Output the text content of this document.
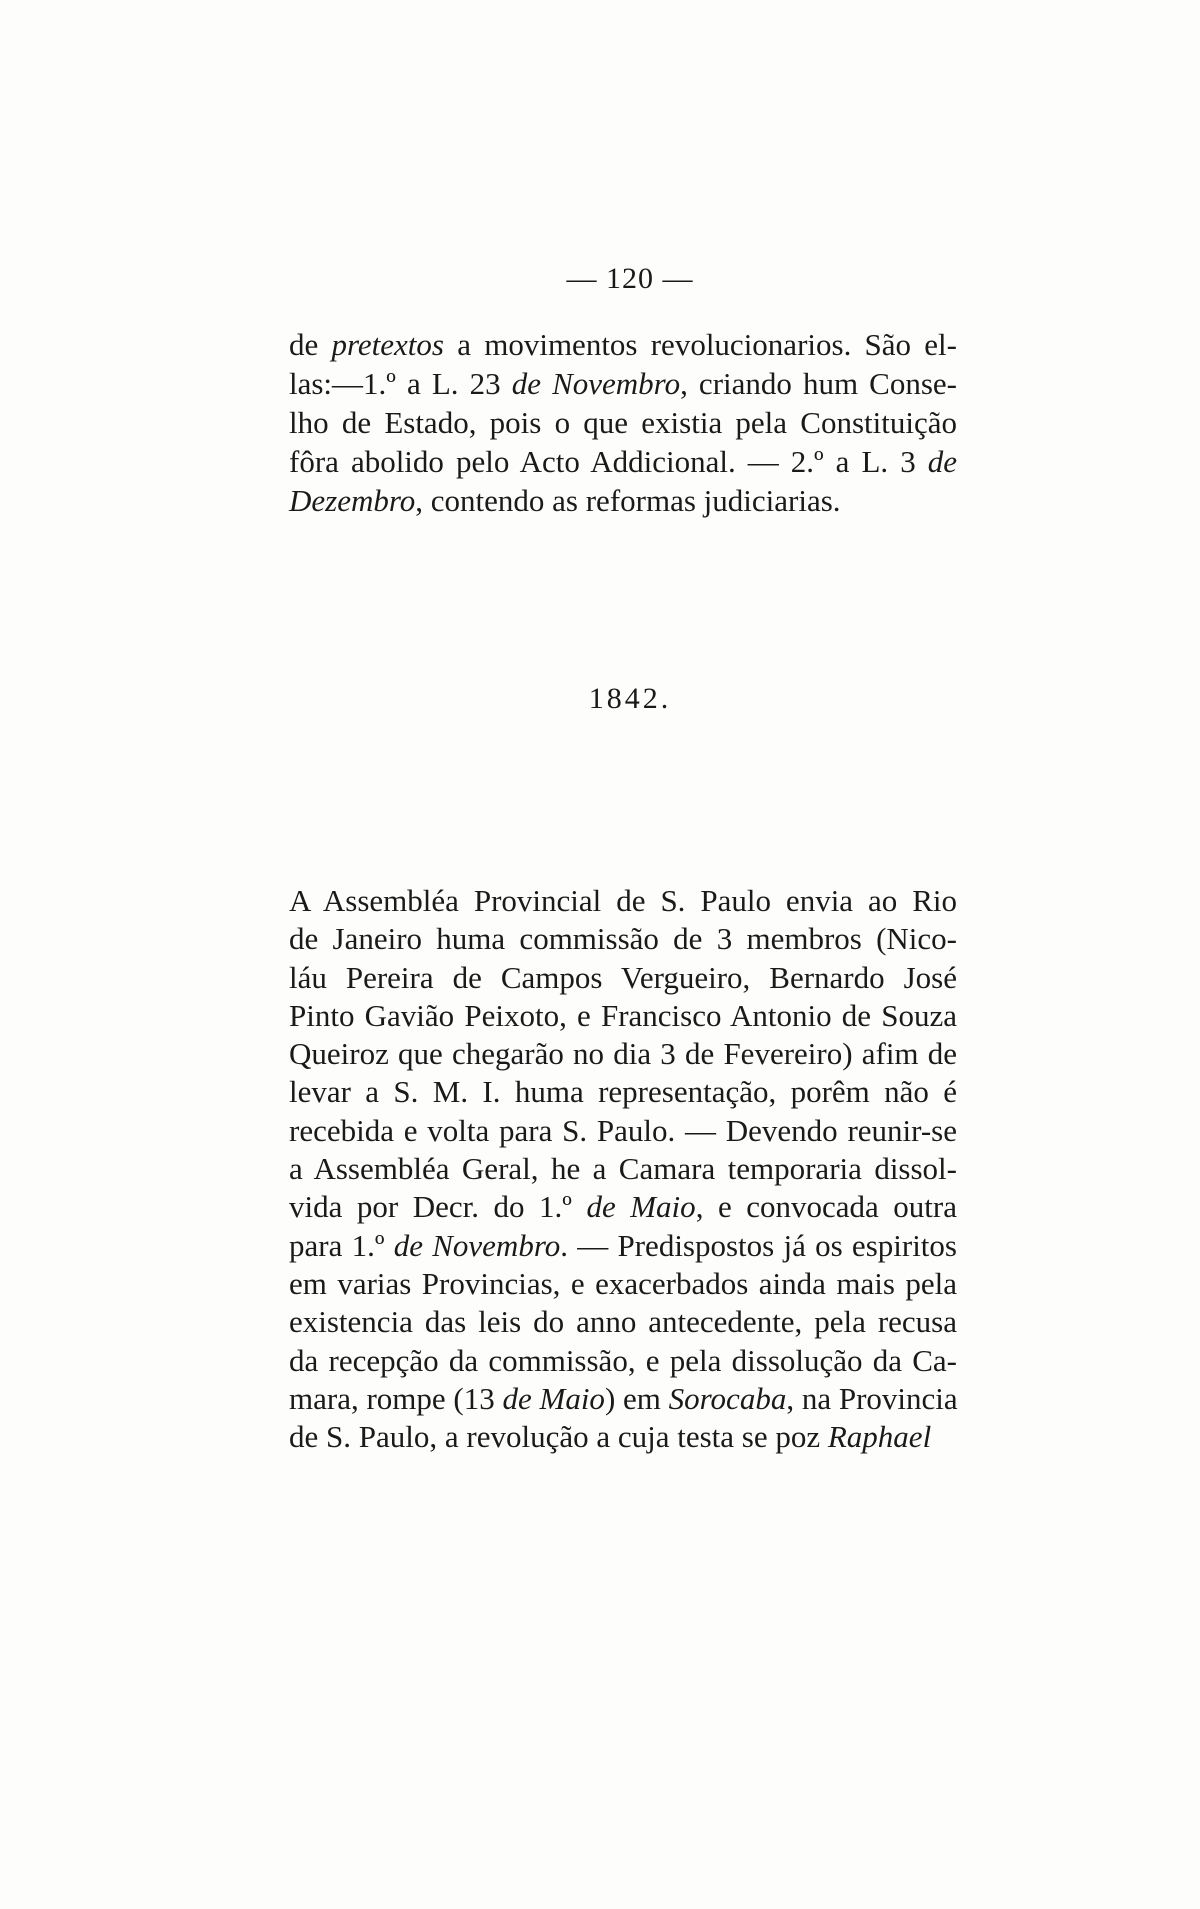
— 120 —

de pretextos a movimentos revolucionarios. São el-
las:—1.º a L. 23 de Novembro, criando hum Conse-
lho de Estado, pois o que existia pela Constituição
fôra abolido pelo Acto Addicional. — 2.º a L. 3 de
Dezembro, contendo as reformas judiciarias.

1842.

A Assembléa Provincial de S. Paulo envia ao Rio
de Janeiro huma commissão de 3 membros (Nico-
láu Pereira de Campos Vergueiro, Bernardo José
Pinto Gavião Peixoto, e Francisco Antonio de Souza
Queiroz que chegarão no dia 3 de Fevereiro) afim de
levar a S. M. I. huma representação, porêm não é
recebida e volta para S. Paulo. — Devendo reunir-se
a Assembléa Geral, he a Camara temporaria dissol-
vida por Decr. do 1.º de Maio, e convocada outra
para 1.º de Novembro. — Predispostos já os espiritos
em varias Provincias, e exacerbados ainda mais pela
existencia das leis do anno antecedente, pela recusa
da recepção da commissão, e pela dissolução da Ca-
mara, rompe (13 de Maio) em Sorocaba, na Provincia
de S. Paulo, a revolução a cuja testa se poz Raphael
